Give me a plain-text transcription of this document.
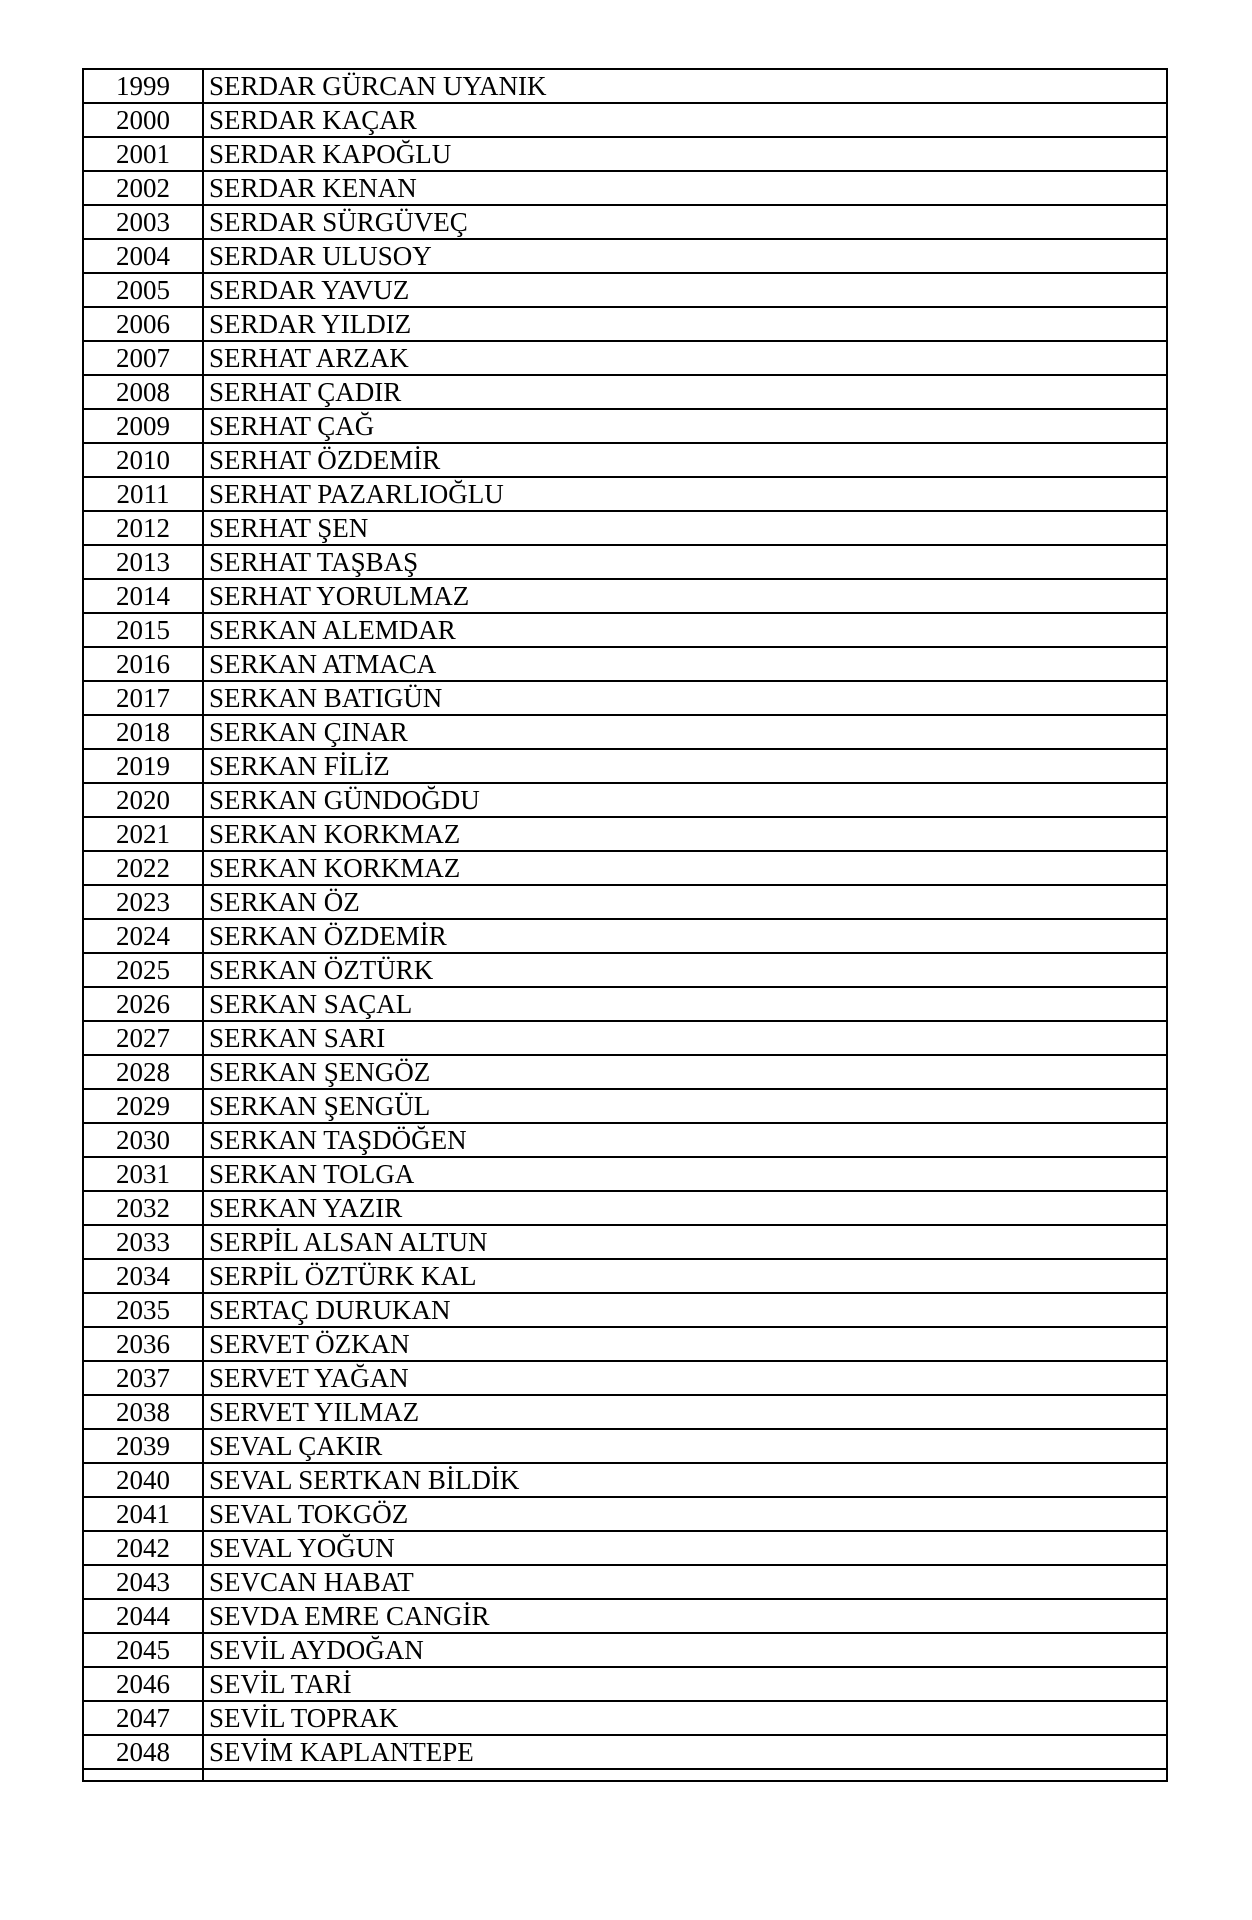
1999	SERDAR GÜRCAN UYANIK
2000	SERDAR KAÇAR
2001	SERDAR KAPOĞLU
2002	SERDAR KENAN
2003	SERDAR SÜRGÜVEÇ
2004	SERDAR ULUSOY
2005	SERDAR YAVUZ
2006	SERDAR YILDIZ
2007	SERHAT ARZAK
2008	SERHAT ÇADIR
2009	SERHAT ÇAĞ
2010	SERHAT ÖZDEMİR
2011	SERHAT PAZARLIOĞLU
2012	SERHAT ŞEN
2013	SERHAT TAŞBAŞ
2014	SERHAT YORULMAZ
2015	SERKAN ALEMDAR
2016	SERKAN ATMACA
2017	SERKAN BATIGÜN
2018	SERKAN ÇINAR
2019	SERKAN FİLİZ
2020	SERKAN GÜNDOĞDU
2021	SERKAN KORKMAZ
2022	SERKAN KORKMAZ
2023	SERKAN ÖZ
2024	SERKAN ÖZDEMİR
2025	SERKAN ÖZTÜRK
2026	SERKAN SAÇAL
2027	SERKAN SARI
2028	SERKAN ŞENGÖZ
2029	SERKAN ŞENGÜL
2030	SERKAN TAŞDÖĞEN
2031	SERKAN TOLGA
2032	SERKAN YAZIR
2033	SERPİL ALSAN ALTUN
2034	SERPİL ÖZTÜRK KAL
2035	SERTAÇ DURUKAN
2036	SERVET ÖZKAN
2037	SERVET YAĞAN
2038	SERVET YILMAZ
2039	SEVAL ÇAKIR
2040	SEVAL SERTKAN BİLDİK
2041	SEVAL TOKGÖZ
2042	SEVAL YOĞUN
2043	SEVCAN HABAT
2044	SEVDA EMRE CANGİR
2045	SEVİL AYDOĞAN
2046	SEVİL TARİ
2047	SEVİL TOPRAK
2048	SEVİM KAPLANTEPE
